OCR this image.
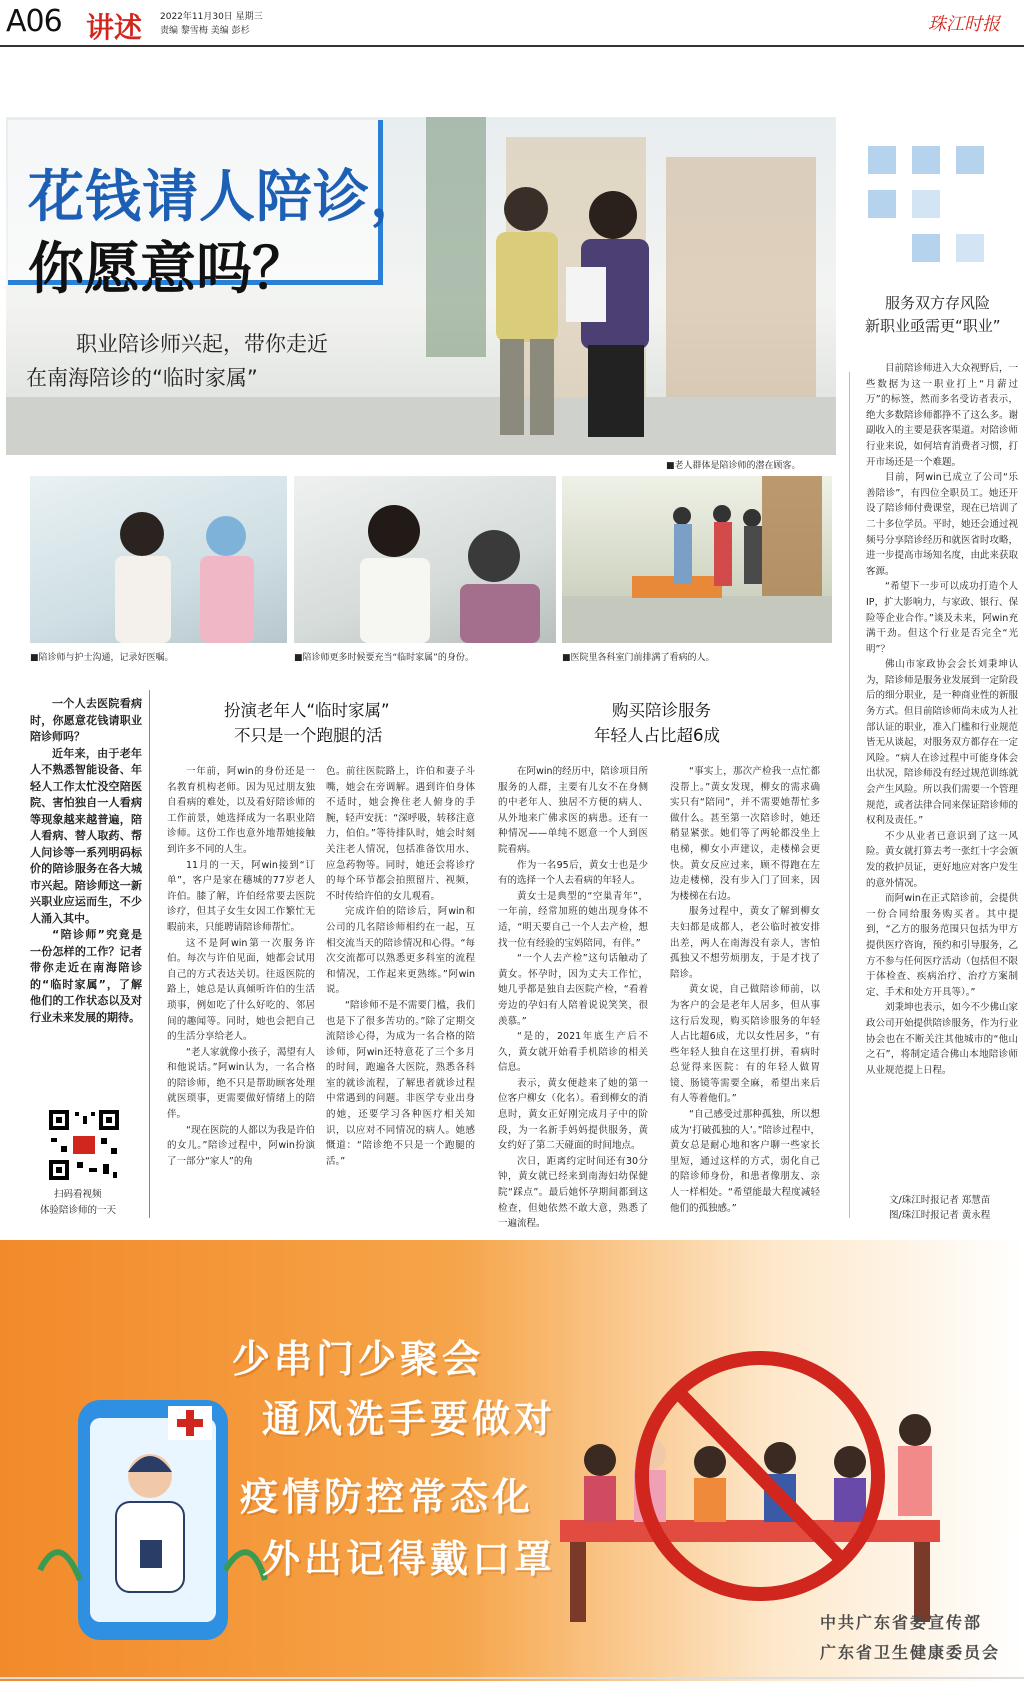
A06 讲述 2022年11月30日 星期三
责编 黎雪梅 美编 彭杉	珠江时报
花钱请人陪诊，
你愿意吗？
职业陪诊师兴起，带你走近
在南海陪诊的“临时家属”
■老人群体是陪诊师的潜在顾客。
■陪诊师与护士沟通，记录好医嘱。	■陪诊师更多时候要充当“临时家属”的身份。	■医院里各科室门前排满了看病的人。
服务双方存风险
新职业亟需更“职业”

目前陪诊师进入大众视野后，一些数据为这一职业打上“月薪过万”的标签，然而多名受访者表示，绝大多数陪诊师都挣不了这么多。谢副收入的主要是获客渠道。对陪诊师行业来说，如何培育消费者习惯，打开市场还是一个难题。

目前，阿win已成立了公司“乐善陪诊”，有四位全职员工。她还开设了陪诊师付费课堂，现在已培训了二十多位学员。平时，她还会通过视频号分享陪诊经历和就医省时攻略，进一步提高市场知名度，由此来获取客源。

“希望下一步可以成功打造个人IP，扩大影响力，与家政、银行、保险等企业合作。”谈及未来，阿win充满干劲。但这个行业是否完全“光明”？

佛山市家政协会会长刘秉坤认为，陪诊师是服务业发展到一定阶段后的细分职业，是一种商业性的新服务方式。但目前陪诊师尚未成为人社部认证的职业，准入门槛和行业规范皆无从谈起，对服务双方都存在一定风险。“病人在诊过程中可能身体会出状况，陪诊师没有经过规范训练就会产生风险。所以我们需要一个管理规范，或者法律合同来保证陪诊师的权利及责任。”

不少从业者已意识到了这一风险。黄女就打算去考一张红十字会颁发的救护员证，更好地应对客户发生的意外情况。

而阿win在正式陪诊前，会提供一份合同给服务购买者。其中提到，“乙方的服务范围只包括为甲方提供医疗咨询，预约和引导服务，乙方不参与任何医疗活动（包括但不限于体检查、疾病治疗、治疗方案制定、手术和处方开具等）。”

刘秉坤也表示，如今不少佛山家政公司开始提供陪诊服务，作为行业协会也在不断关注其他城市的“他山之石”，将制定适合佛山本地陪诊师从业规范提上日程。

文/珠江时报记者 郑慧苗
图/珠江时报记者 黄永程

一个人去医院看病时，你愿意花钱请职业陪诊师吗？

近年来，由于老年人不熟悉智能设备、年轻人工作太忙没空陪医院、害怕独自一人看病等现象越来越普遍，陪人看病、替人取药、帮人问诊等一系列明码标价的陪诊服务在各大城市兴起。陪诊师这一新兴职业应运而生，不少人涌入其中。

“陪诊师”究竟是一份怎样的工作？记者带你走近在南海陪诊的“临时家属”，了解他们的工作状态以及对行业未来发展的期待。

扫码看视频
体验陪诊师的一天
扮演老年人“临时家属”
不只是一个跑腿的活

一年前，阿win的身份还是一名教育机构老师。因为见过朋友独自看病的难处，以及看好陪诊师的工作前景，她选择成为一名职业陪诊师。这份工作也意外地帮她接触到许多不同的人生。

11月的一天，阿win接到“订单”，客户是家在穗城的77岁老人许伯。膝了解，许伯经常要去医院诊疗，但其子女生女因工作繁忙无暇前来，只能聘请陪诊师帮忙。

这不是阿win第一次服务许伯。每次与许伯见面，她都会试用自己的方式表达关切。往返医院的路上，她总是认真倾听许伯的生活琐事，例如吃了什么好吃的、邻居间的趣闻等。同时，她也会把自己的生活分享给老人。

“老人家就像小孩子，渴望有人和他说话。”阿win认为，一名合格的陪诊师，绝不只是帮助顾客处理就医琐事，更需要做好情绪上的陪伴。

“现在医院的人都以为我是许伯的女儿。”陪诊过程中，阿win扮演了一部分“家人”的角

色。前往医院路上，许伯和妻子斗嘴，她会在旁调解。遇到许伯身体不适时，她会搀住老人俯身的手腕，轻声安抚：“深呼吸，转移注意力，伯伯。”等待排队时，她会时刻关注老人情况，包括准备饮用水、应急药物等。同时，她还会将诊疗的每个环节都会拍照留片、视频，不时传给许伯的女儿观看。

完成许伯的陪诊后，阿win和公司的几名陪诊师相约在一起，互相交流当天的陪诊情况和心得。“每次交流都可以熟悉更多科室的流程和情况，工作起来更熟练。”阿win说。

“陪诊师不是不需要门槛，我们也是下了很多苦功的。”除了定期交流陪诊心得，为成为一名合格的陪诊师，阿win还特意花了三个多月的时间，跑遍各大医院，熟悉各科室的就诊流程，了解患者就诊过程中常遇到的问题。非医学专业出身的她，还要学习各种医疗相关知识，以应对不同情况的病人。她感慨道：“陪诊绝不只是一个跑腿的活。”

购买陪诊服务
年轻人占比超6成

在阿win的经历中，陪诊项目所服务的人群，主要有儿女不在身侧的中老年人、独居不方便的病人、从外地来广佛求医的病患。还有一种情况——单纯不愿意一个人到医院看病。

作为一名95后，黄女士也是少有的选择一个人去看病的年轻人。

黄女士是典型的“空巢青年”，一年前，经常加班的她出现身体不适，“明天要自己一个人去产检，想找一位有经验的宝妈陪同，有伴。”

“一个人去产检”这句话触动了黄女。怀孕时，因为丈夫工作忙，她几乎都是独自去医院产检，“看着旁边的孕妇有人陪着说说笑笑，很羡慕。”

“是的，2021年底生产后不久，黄女就开始看手机陪诊的相关信息。

表示，黄女便趁来了她的第一位客户柳女（化名）。看到柳女的消息时，黄女正好刚完成月子中的阶段，为一名新手妈妈提供服务，黄女约好了第二天碰面的时间地点。

次日，距离约定时间还有30分钟，黄女就已经来到南海妇幼保健院“踩点”。最后她怀孕期间都到这检查，但她依然不敢大意，熟悉了一遍流程。

“事实上，那次产检我一点忙都没帮上。”黄女发现，柳女的需求确实只有“陪同”，并不需要她帮忙多做什么。甚至第一次陪诊时，她还稍显紧张。她们等了两轮都没坐上电梯，柳女小声建议，走楼梯会更快。黄女反应过来，顾不得跑在左边走楼梯，没有步入门了回来，因为楼梯在右边。

服务过程中，黄女了解到柳女夫妇都是成都人，老公临时被安排出差，两人在南海没有亲人，害怕孤独又不想劳烦朋友，于是才找了陪诊。

黄女说，自己做陪诊师前，以为客户的会是老年人居多，但从事这行后发现，购买陪诊服务的年轻人占比超6成，尤以女性居多，“有些年轻人独自在这里打拼，看病时总觉得来医院：有的年轻人做胃镜、肠镜等需要全麻，希望出来后有人等着他们。”

“自己感受过那种孤独，所以想成为‘打破孤独的人’。”陪诊过程中，黄女总是耐心地和客户聊一些家长里短，通过这样的方式，弱化自己的陪诊师身份，和患者像朋友、亲人一样相处。“希望能最大程度减轻他们的孤独感。”

少串门少聚会
通风洗手要做对
疫情防控常态化
外出记得戴口罩
中共广东省委宣传部
广东省卫生健康委员会
